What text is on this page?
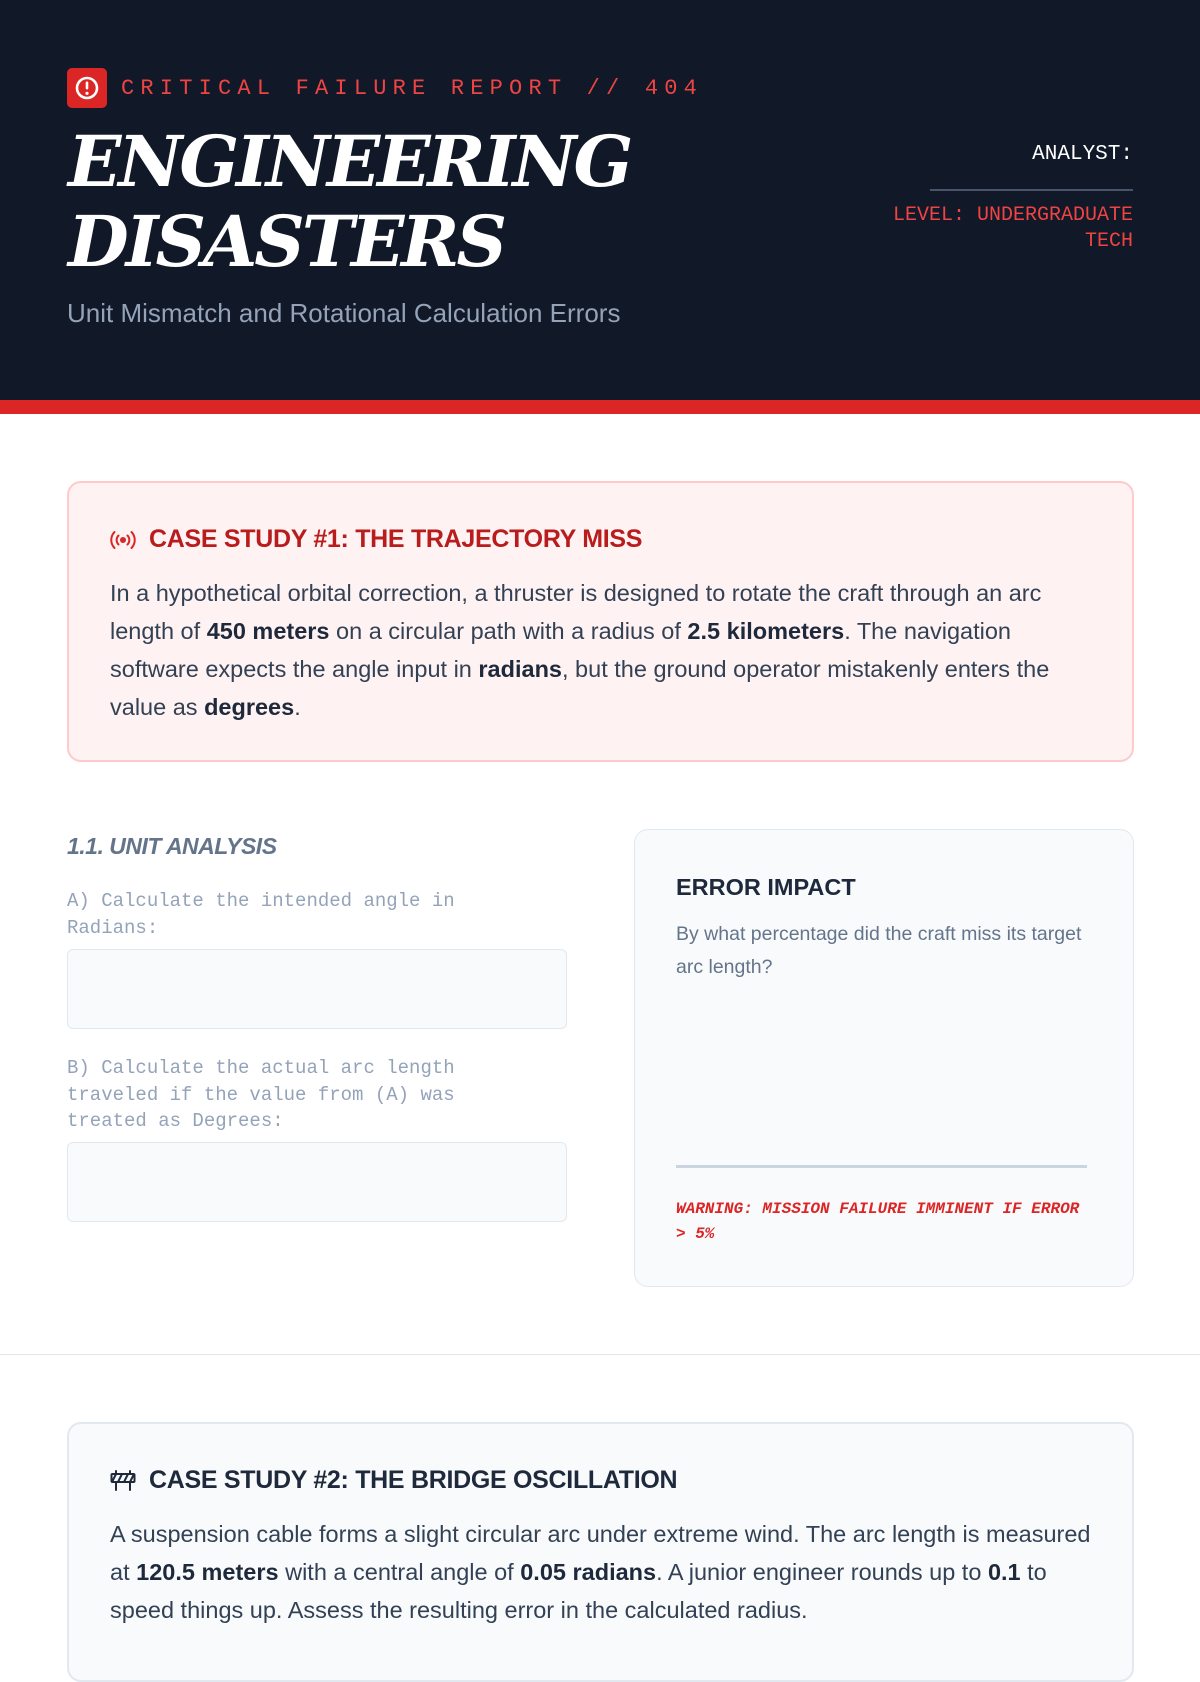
CRITICAL FAILURE REPORT // 404
ENGINEERING
DISASTERS
Unit Mismatch and Rotational Calculation Errors
ANALYST:
LEVEL: UNDERGRADUATE TECH
CASE STUDY #1: THE TRAJECTORY MISS

In a hypothetical orbital correction, a thruster is designed to rotate the craft through an arc length of 450 meters on a circular path with a radius of 2.5 kilometers. The navigation software expects the angle input in radians, but the ground operator mistakenly enters the value as degrees.

1.1. UNIT ANALYSIS
A) Calculate the intended angle in Radians:
B) Calculate the actual arc length traveled if the value from (A) was treated as Degrees:
ERROR IMPACT
By what percentage did the craft miss its target arc length?
WARNING: MISSION FAILURE IMMINENT IF ERROR > 5%
CASE STUDY #2: THE BRIDGE OSCILLATION

A suspension cable forms a slight circular arc under extreme wind. The arc length is measured at 120.5 meters with a central angle of 0.05 radians. A junior engineer rounds up to 0.1 to speed things up. Assess the resulting error in the calculated radius.
